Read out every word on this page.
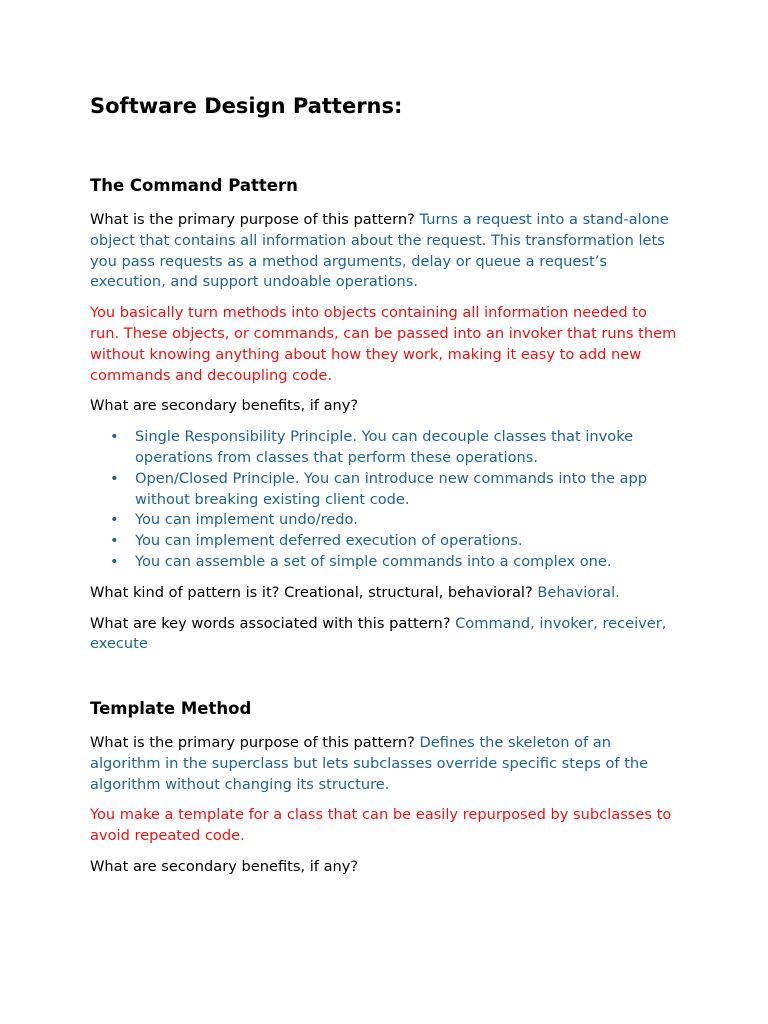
Software Design Patterns:
The Command Pattern

What is the primary purpose of this pattern? Turns a request into a stand-alone object that contains all information about the request. This transformation lets you pass requests as a method arguments, delay or queue a request’s execution, and support undoable operations.

You basically turn methods into objects containing all information needed to run. These objects, or commands, can be passed into an invoker that runs them without knowing anything about how they work, making it easy to add new commands and decoupling code.

What are secondary benefits, if any?

• Single Responsibility Principle. You can decouple classes that invoke operations from classes that perform these operations.
• Open/Closed Principle. You can introduce new commands into the app without breaking existing client code.
• You can implement undo/redo.
• You can implement deferred execution of operations.
• You can assemble a set of simple commands into a complex one.

What kind of pattern is it? Creational, structural, behavioral? Behavioral.

What are key words associated with this pattern? Command, invoker, receiver, execute

Template Method

What is the primary purpose of this pattern? Defines the skeleton of an algorithm in the superclass but lets subclasses override specific steps of the algorithm without changing its structure.

You make a template for a class that can be easily repurposed by subclasses to avoid repeated code.

What are secondary benefits, if any?
